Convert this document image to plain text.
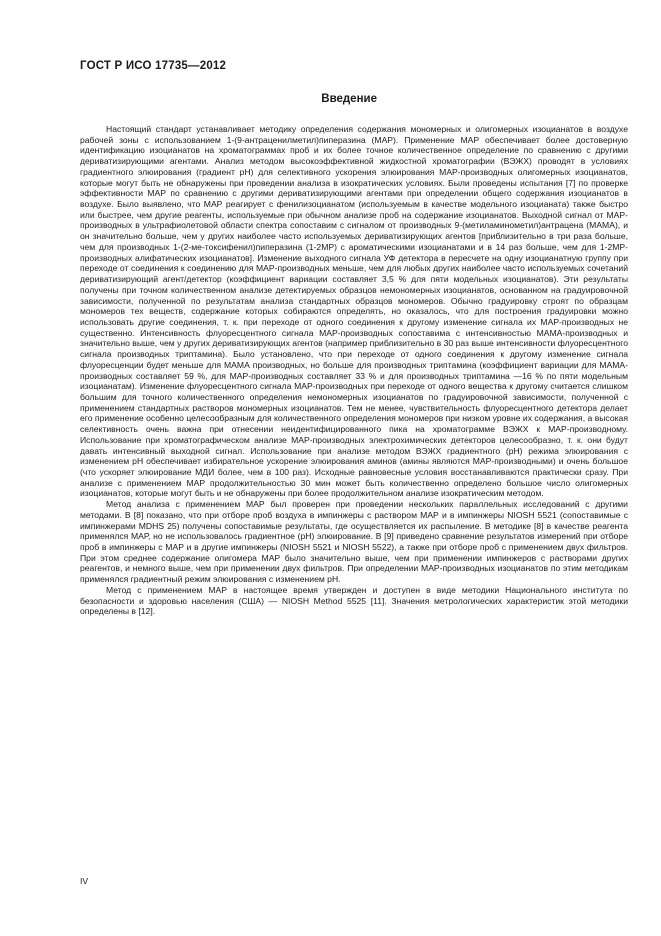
ГОСТ Р ИСО 17735—2012
Введение

Настоящий стандарт устанавливает методику определения содержания мономерных и олигомерных изоцианатов в воздухе рабочей зоны с использованием 1-(9-антраценилметил)пиперазина (МАР). Применение МАР обеспечивает более достоверную идентификацию изоцианатов на хроматограммах проб и их более точное количественное определение по сравнению с другими дериватизирующими агентами. Анализ методом высокоэффективной жидкостной хроматографии (ВЭЖХ) проводят в условиях градиентного элюирования (градиент рН) для селективного ускорения элюирования МАР-производных олигомерных изоцианатов, которые могут быть не обнаружены при проведении анализа в изократических условиях. Были проведены испытания [7] по проверке эффективности МАР по сравнению с другими дериватизирующими агентами при определении общего содержания изоцианатов в воздухе. Было выявлено, что МАР реагирует с фенилизоцианатом (используемым в качестве модельного изоцианата) также быстро или быстрее, чем другие реагенты, используемые при обычном анализе проб на содержание изоцианатов. Выходной сигнал от МАР-производных в ультрафиолетовой области спектра сопоставим с сигналом от производных 9-(метиламинометил)антрацена (МАМА), и он значительно больше, чем у других наиболее часто используемых дериватизирующих агентов [приблизительно в три раза больше, чем для производных 1-(2-ме-токсифенил)пиперазина (1-2МР) с ароматическими изоцианатами и в 14 раз больше, чем для 1-2МР-производных алифатических изоцианатов]. Изменение выходного сигнала УФ детектора в пересчете на одну изоцианатную группу при переходе от соединения к соединению для МАР-производных меньше, чем для любых других наиболее часто используемых сочетаний дериватизирующий агент/детектор (коэффициент вариации составляет 3,5 % для пяти модельных изоцианатов). Эти результаты получены при точном количественном анализе детектируемых образцов немономерных изоцианатов, основанном на градуировочной зависимости, полученной по результатам анализа стандартных образцов мономеров. Обычно градуировку строят по образцам мономеров тех веществ, содержание которых собираются определять, но оказалось, что для построения градуировки можно использовать другие соединения, т. к. при переходе от одного соединения к другому изменение сигнала их МАР-производных не существенно. Интенсивность флуоресцентного сигнала МАР-производных сопоставима с интенсивностью МАМА-производных и значительно выше, чем у других дериватизирующих агентов (например приблизительно в 30 раз выше интенсивности флуоресцентного сигнала производных триптамина). Было установлено, что при переходе от одного соединения к другому изменение сигнала флуоресценции будет меньше для МАМА производных, но больше для производных триптамина (коэффициент вариации для МАМА-производных составляет 59 %, для МАР-производных составляет 33 % и для производных триптамина —16 % по пяти модельным изоцианатам). Изменение флуоресцентного сигнала МАР-производных при переходе от одного вещества к другому считается слишком большим для точного количественного определения немономерных изоцианатов по градуировочной зависимости, полученной с применением стандартных растворов мономерных изоцианатов. Тем не менее, чувствительность флуоресцентного детектора делает его применение особенно целесообразным для количественного определения мономеров при низком уровне их содержания, а высокая селективность очень важна при отнесении неидентифицированного пика на хроматограмме ВЭЖХ к МАР-производному. Использование при хроматографическом анализе МАР-производных электрохимических детекторов целесообразно, т. к. они будут давать интенсивный выходной сигнал. Использование при анализе методом ВЭЖХ градиентного (рН) режима элюирования с изменением рН обеспечивает избирательное ускорение элюирования аминов (амины являются МАР-производными) и очень большое (что ускоряет элюирование МДИ более, чем в 100 раз). Исходные равновесные условия восстанавливаются практически сразу. При анализе с применением МАР продолжительностью 30 мин может быть количественно определено большое число олигомерных изоцианатов, которые могут быть и не обнаружены при более продолжительном анализе изократическим методом.

Метод анализа с применением МАР был проверен при проведении нескольких параллельных исследований с другими методами. В [8] показано, что при отборе проб воздуха в импинжеры с раствором МАР и в импинжеры NIOSH 5521 (сопоставимые с импинжерами MDHS 25) получены сопоставимые результаты, где осуществляется их распыление. В методике [8] в качестве реагента применялся МАР, но не использовалось градиентное (рН) элюирование. В [9] приведено сравнение результатов измерений при отборе проб в импинжеры с МАР и в другие импинжеры (NIOSH 5521 и NIOSH 5522), а также при отборе проб с применением двух фильтров. При этом среднее содержание олигомера МАР было значительно выше, чем при применении импинжеров с растворами других реагентов, и немного выше, чем при применении двух фильтров. При определении МАР-производных изоцианатов по этим методикам применялся градиентный режим элюирования с изменением рН.

Метод с применением МАР в настоящее время утвержден и доступен в виде методики Национального института по безопасности и здоровью населения (США) — NIOSH Method 5525 [11]. Значения метрологических характеристик этой методики определены в [12].

IV
